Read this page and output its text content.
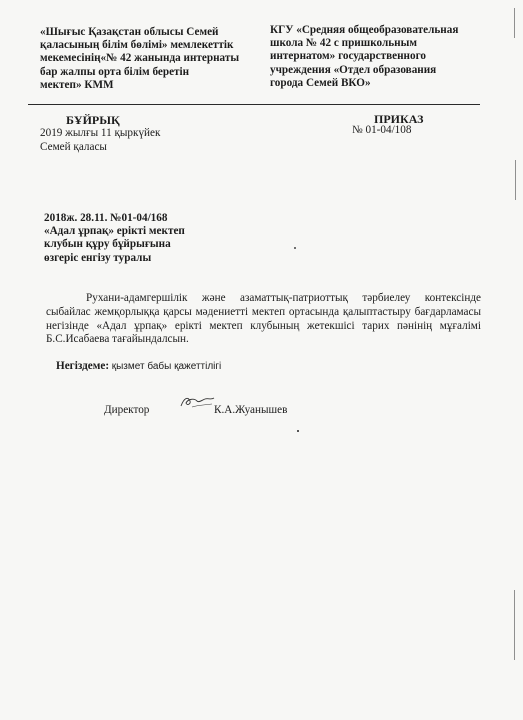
«Шығыс Қазақстан облысы Семей
қаласының білім бөлімі» мемлекеттік
мекемесінің«№ 42 жанында интернаты
бар жалпы орта білім беретін
мектеп» КММ
КГУ «Средняя общеобразовательная
школа № 42 с пришкольным
интернатом» государственного
учреждения «Отдел образования
города Семей ВКО»
БҰЙРЫҚ	ПРИКАЗ
2019 жылғы 11 қыркүйек	№ 01-04/108
Семей қаласы
2018ж. 28.11. №01-04/168
«Адал ұрпақ» ерікті мектеп
клубын құру бұйрығына
өзгеріс енгізу туралы
Рухани-адамгершілік және азаматтық-патриоттық тәрбиелеу контексінде сыбайлас жемқорлыққа қарсы мәдениетті мектеп ортасында қалыптастыру бағдарламасы негізінде «Адал ұрпақ» ерікті мектеп клубының жетекшісі тарих пәнінің мұғалімі Б.С.Исабаева тағайындалсын.
Негіздеме: қызмет бабы қажеттілігі
Директор	К.А.Жуанышев
